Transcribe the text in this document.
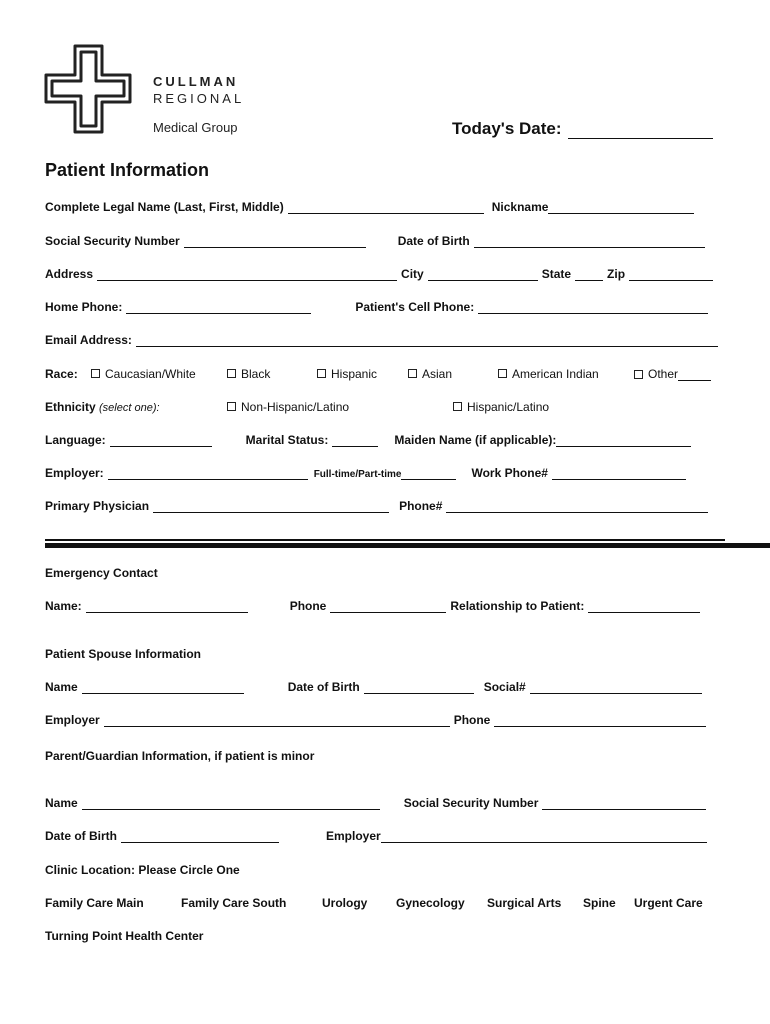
CULLMAN
REGIONAL
Medical Group	Today's Date:
Patient Information
Complete Legal Name (Last, First, Middle)	Nickname
Social Security Number	Date of Birth
Address	City	State	Zip
Home Phone:	Patient's Cell Phone:
Email Address:
Race:	Caucasian/White	Black	Hispanic	Asian	American Indian	Other
Ethnicity (select one):	Non-Hispanic/Latino	Hispanic/Latino
Language:	Marital Status:	Maiden Name (if applicable):
Employer:	Full-time/Part-time	Work Phone#
Primary Physician	Phone#
Emergency Contact
Name:	Phone	Relationship to Patient:
Patient Spouse Information
Name	Date of Birth	Social#
Employer	Phone
Parent/Guardian Information, if patient is minor
Name	Social Security Number
Date of Birth	Employer
Clinic Location: Please Circle One
Family Care Main	Family Care South	Urology Gynecology Surgical Arts Spine Urgent Care
Turning Point Health Center
